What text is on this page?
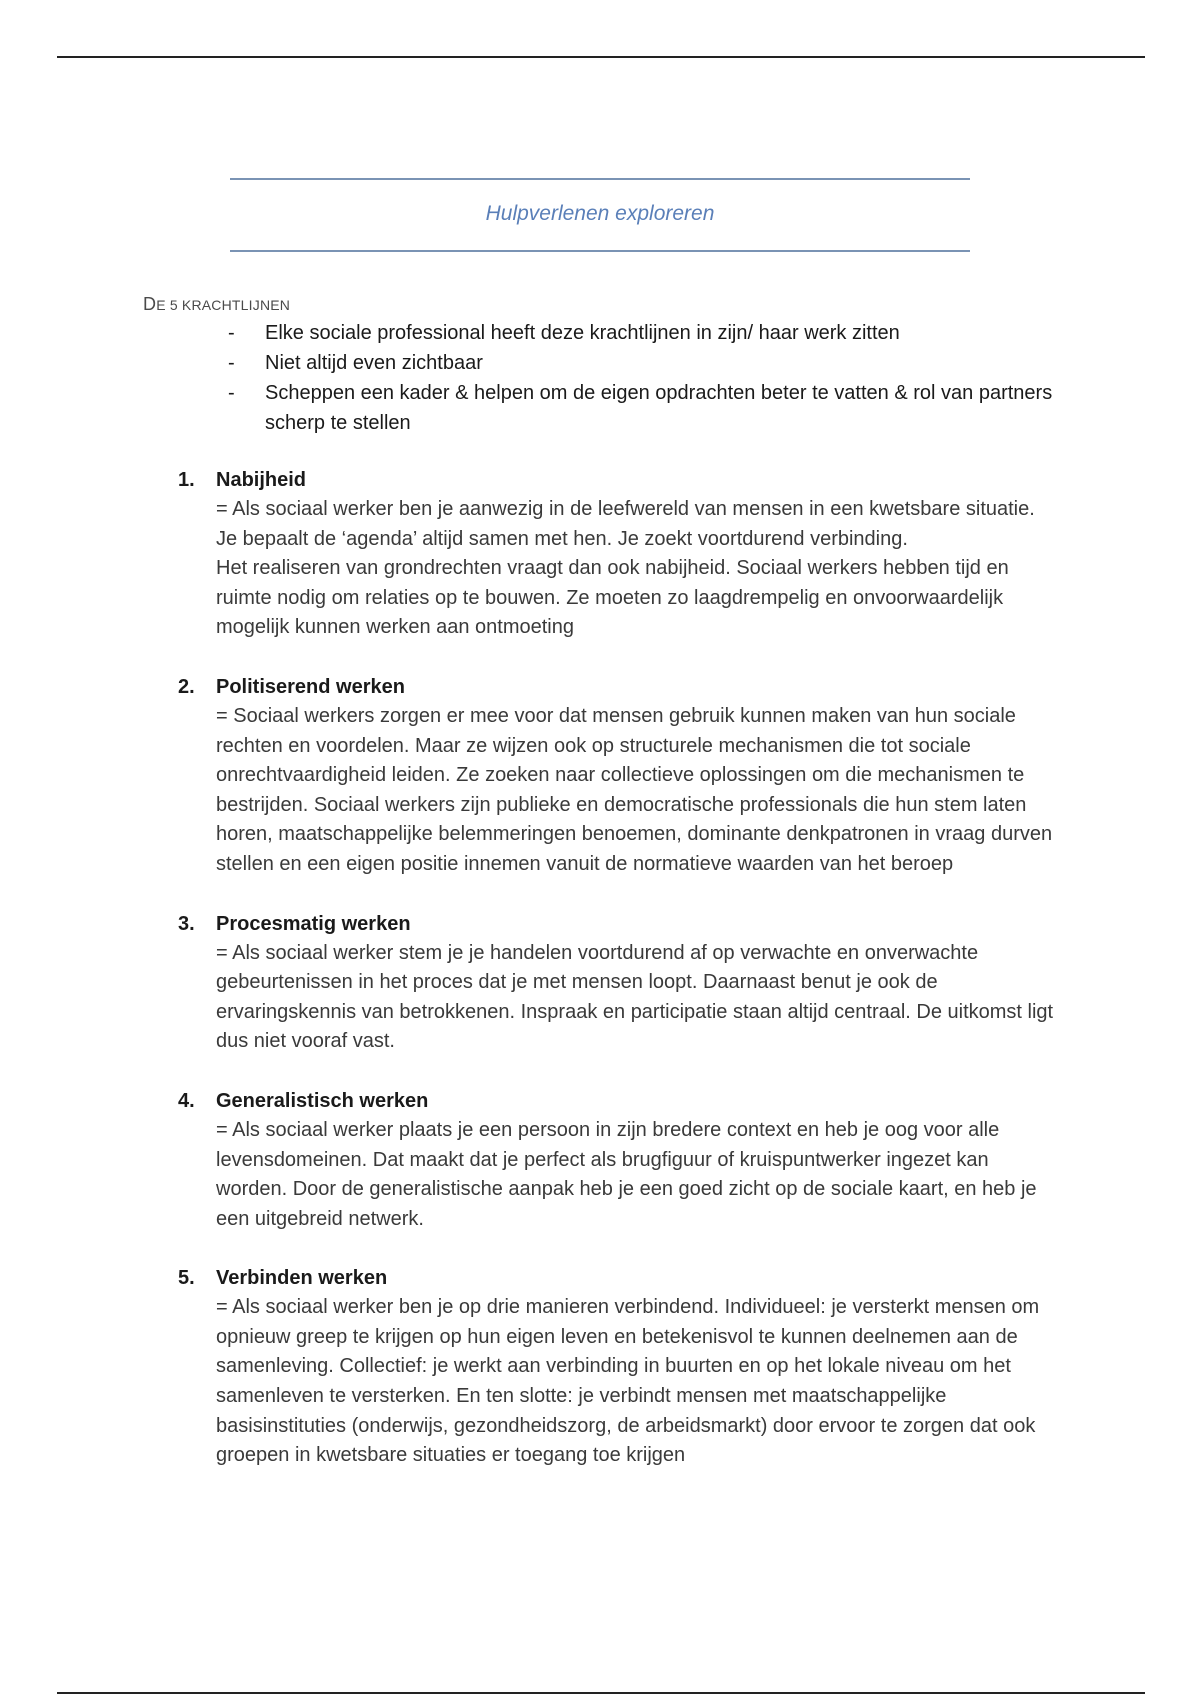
Hulpverlenen exploreren
DE 5 KRACHTLIJNEN
- Elke sociale professional heeft deze krachtlijnen in zijn/ haar werk zitten
- Niet altijd even zichtbaar
- Scheppen een kader & helpen om de eigen opdrachten beter te vatten & rol van partners scherp te stellen
1. Nabijheid
= Als sociaal werker ben je aanwezig in de leefwereld van mensen in een kwetsbare situatie. Je bepaalt de ‘agenda’ altijd samen met hen. Je zoekt voortdurend verbinding.
Het realiseren van grondrechten vraagt dan ook nabijheid. Sociaal werkers hebben tijd en ruimte nodig om relaties op te bouwen. Ze moeten zo laagdrempelig en onvoorwaardelijk mogelijk kunnen werken aan ontmoeting
2. Politiserend werken
= Sociaal werkers zorgen er mee voor dat mensen gebruik kunnen maken van hun sociale rechten en voordelen. Maar ze wijzen ook op structurele mechanismen die tot sociale onrechtvaardigheid leiden. Ze zoeken naar collectieve oplossingen om die mechanismen te bestrijden. Sociaal werkers zijn publieke en democratische professionals die hun stem laten horen, maatschappelijke belemmeringen benoemen, dominante denkpatronen in vraag durven stellen en een eigen positie innemen vanuit de normatieve waarden van het beroep
3. Procesmatig werken
= Als sociaal werker stem je je handelen voortdurend af op verwachte en onverwachte gebeurtenissen in het proces dat je met mensen loopt. Daarnaast benut je ook de ervaringskennis van betrokkenen. Inspraak en participatie staan altijd centraal. De uitkomst ligt dus niet vooraf vast.
4. Generalistisch werken
= Als sociaal werker plaats je een persoon in zijn bredere context en heb je oog voor alle levensdomeinen. Dat maakt dat je perfect als brugfiguur of kruispuntwerker ingezet kan worden. Door de generalistische aanpak heb je een goed zicht op de sociale kaart, en heb je een uitgebreid netwerk.
5. Verbinden werken
= Als sociaal werker ben je op drie manieren verbindend. Individueel: je versterkt mensen om opnieuw greep te krijgen op hun eigen leven en betekenisvol te kunnen deelnemen aan de samenleving. Collectief: je werkt aan verbinding in buurten en op het lokale niveau om het samenleven te versterken. En ten slotte: je verbindt mensen met maatschappelijke basisinstituties (onderwijs, gezondheidszorg, de arbeidsmarkt) door ervoor te zorgen dat ook groepen in kwetsbare situaties er toegang toe krijgen
